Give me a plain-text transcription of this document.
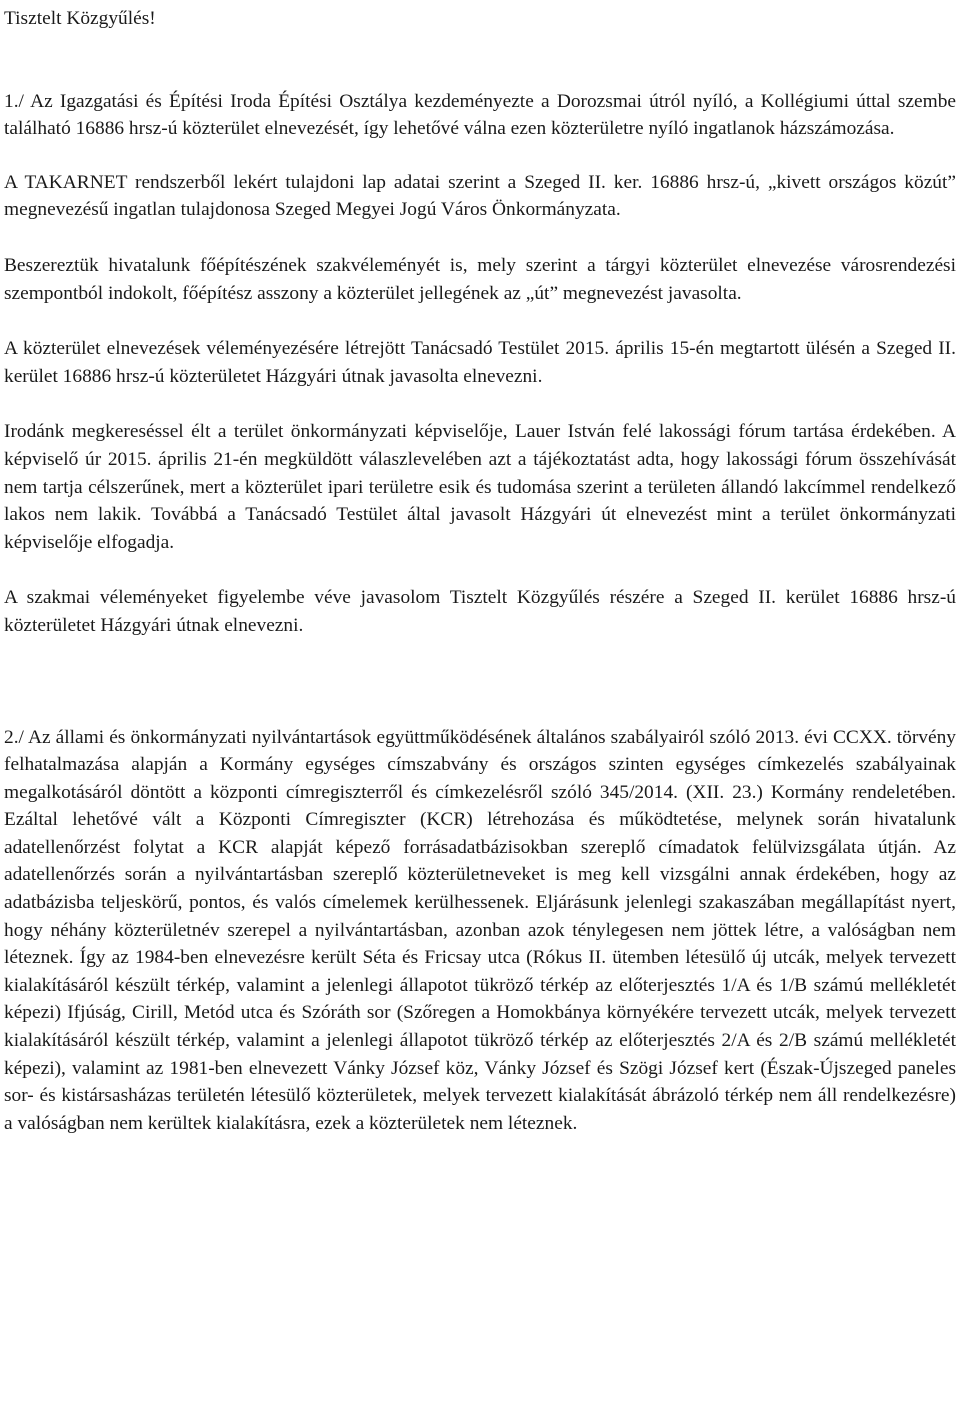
Tisztelt Közgyűlés!

1./ Az Igazgatási és Építési Iroda Építési Osztálya kezdeményezte a Dorozsmai útról nyíló, a Kollégiumi úttal szembe található 16886 hrsz-ú közterület elnevezését, így lehetővé válna ezen közterületre nyíló ingatlanok házszámozása.

A TAKARNET rendszerből lekért tulajdoni lap adatai szerint a Szeged II. ker. 16886 hrsz-ú, „kivett országos közút” megnevezésű ingatlan tulajdonosa Szeged Megyei Jogú Város Önkormányzata.

Beszereztük hivatalunk főépítészének szakvéleményét is, mely szerint a tárgyi közterület elnevezése városrendezési szempontból indokolt, főépítész asszony a közterület jellegének az „út” megnevezést javasolta.

A közterület elnevezések véleményezésére létrejött Tanácsadó Testület 2015. április 15-én megtartott ülésén a Szeged II. kerület 16886 hrsz-ú közterületet Házgyári útnak javasolta elnevezni.

Irodánk megkereséssel élt a terület önkormányzati képviselője, Lauer István felé lakossági fórum tartása érdekében. A képviselő úr 2015. április 21-én megküldött válaszlevelében azt a tájékoztatást adta, hogy lakossági fórum összehívását nem tartja célszerűnek, mert a közterület ipari területre esik és tudomása szerint a területen állandó lakcímmel rendelkező lakos nem lakik. Továbbá a Tanácsadó Testület által javasolt Házgyári út elnevezést mint a terület önkormányzati képviselője elfogadja.

A szakmai véleményeket figyelembe véve javasolom Tisztelt Közgyűlés részére a Szeged II. kerület 16886 hrsz-ú közterületet Házgyári útnak elnevezni.

2./ Az állami és önkormányzati nyilvántartások együttműködésének általános szabályairól szóló 2013. évi CCXX. törvény felhatalmazása alapján a Kormány egységes címszabvány és országos szinten egységes címkezelés szabályainak megalkotásáról döntött a központi címregiszterről és címkezelésről szóló 345/2014. (XII. 23.) Kormány rendeletében. Ezáltal lehetővé vált a Központi Címregiszter (KCR) létrehozása és működtetése, melynek során hivatalunk adatellenőrzést folytat a KCR alapját képező forrásadatbázisokban szereplő címadatok felülvizsgálata útján. Az adatellenőrzés során a nyilvántartásban szereplő közterületneveket is meg kell vizsgálni annak érdekében, hogy az adatbázisba teljeskörű, pontos, és valós címelemek kerülhessenek. Eljárásunk jelenlegi szakaszában megállapítást nyert, hogy néhány közterületnév szerepel a nyilvántartásban, azonban azok ténylegesen nem jöttek létre, a valóságban nem léteznek. Így az 1984-ben elnevezésre került Séta és Fricsay utca (Rókus II. ütemben létesülő új utcák, melyek tervezett kialakításáról készült térkép, valamint a jelenlegi állapotot tükröző térkép az előterjesztés 1/A és 1/B számú mellékletét képezi) Ifjúság, Cirill, Metód utca és Szóráth sor (Szőregen a Homokbánya környékére tervezett utcák, melyek tervezett kialakításáról készült térkép, valamint a jelenlegi állapotot tükröző térkép az előterjesztés 2/A és 2/B számú mellékletét képezi), valamint az 1981-ben elnevezett Vánky József köz, Vánky József és Szögi József kert (Észak-Újszeged paneles sor- és kistársasházas területén létesülő közterületek, melyek tervezett kialakítását ábrázoló térkép nem áll rendelkezésre) a valóságban nem kerültek kialakításra, ezek a közterületek nem léteznek.
